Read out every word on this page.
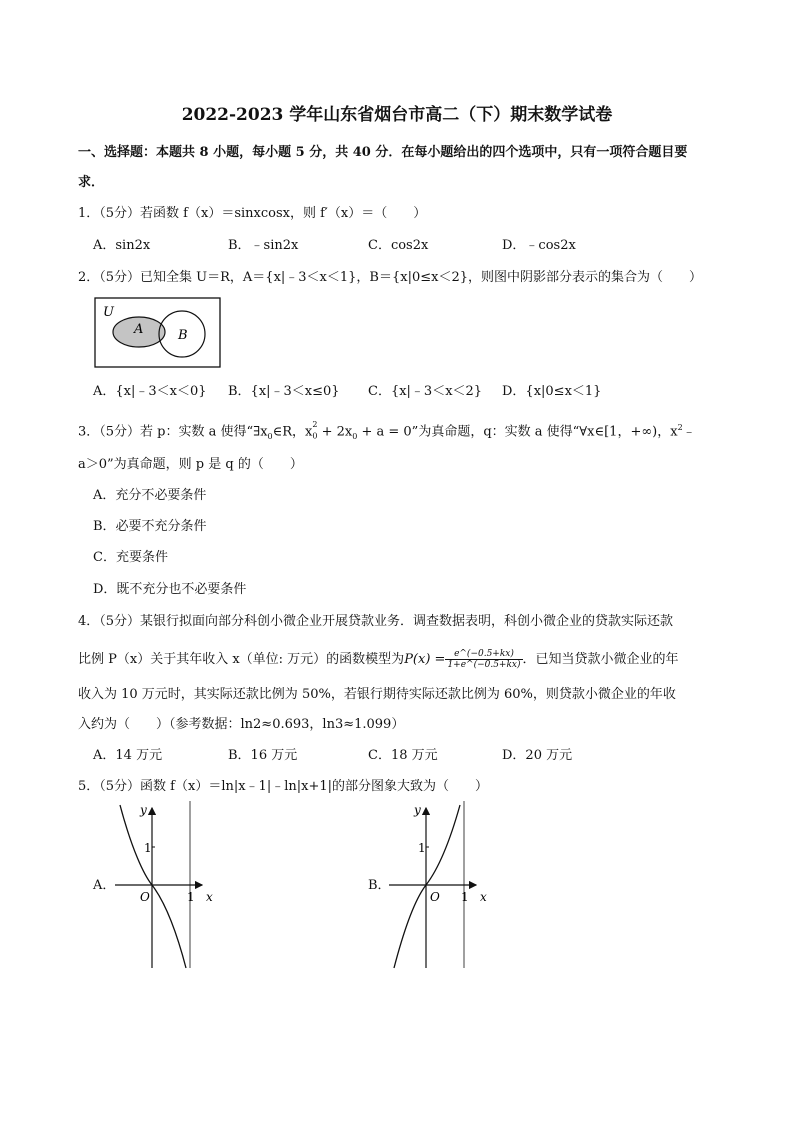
2022-2023 学年山东省烟台市高二（下）期末数学试卷
一、选择题：本题共 8 小题，每小题 5 分，共 40 分．在每小题给出的四个选项中，只有一项符合题目要
求．
1．（5分）若函数 f（x）＝sinxcosx，则 f′（x）＝（　　）
A．sin2x	B．﹣sin2x	C．cos2x	D．﹣cos2x
2．（5分）已知全集 U＝R，A＝{x|﹣3＜x＜1}，B＝{x|0≤x＜2}，则图中阴影部分表示的集合为（　　）
U
A	B
A．{x|﹣3＜x＜0} B．{x|﹣3＜x≤0} C．{x|﹣3＜x＜2} D．{x|0≤x＜1}
3．（5分）若 p：实数 a 使得“$\exists x_0\in R$，x 2
$_0 + 2x_0 + a = 0$”为真命题，q：实数 a 使得“∀x∈[1，+∞)，$x^2﹣$
a＞0”为真命题，则 p 是 q 的（　　）
A．充分不必要条件
B．必要不充分条件
C．充要条件
D．既不充分也不必要条件
4．（5分）某银行拟面向部分科创小微企业开展贷款业务．调查数据表明，科创小微企业的贷款实际还款
比例 P（x）关于其年收入 x（单位: 万元）的函数模型为$P(x) = \frac{e\^{}(-0.5+kx)}{1+e\^{}(-0.5+kx)}$ ．已知当贷款小微企业的年
收入为 10 万元时，其实际还款比例为 50%，若银行期待实际还款比例为 60%，则贷款小微企业的年收
入约为（　　）（参考数据：ln2≈0.693，ln3≈1.099）
A．14 万元	B．16 万元	C．18 万元	D．20 万元
5．（5分）函数 f（x）＝ln|x﹣1|﹣ln|x+1|的部分图象大致为（　　）
A．
y
x
O
1
1
B．
y
x
O
1
1
